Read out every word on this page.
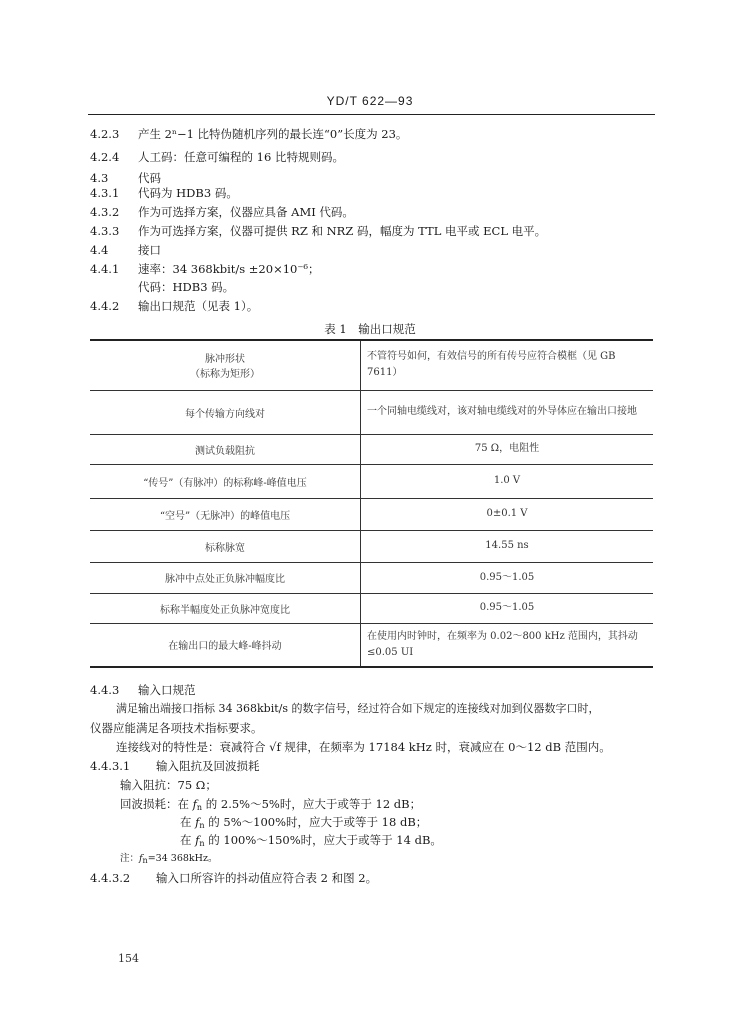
YD/T 622—93
4.2.3 产生 2ⁿ−1 比特伪随机序列的最长连“0”长度为 23。
4.2.4 人工码：任意可编程的 16 比特规则码。
4.3	代码
4.3.1 代码为 HDB3 码。
4.3.2 作为可选择方案，仪器应具备 AMI 代码。
4.3.3 作为可选择方案，仪器可提供 RZ 和 NRZ 码，幅度为 TTL 电平或 ECL 电平。
4.4	接口
4.4.1 速率：34 368kbit/s ±20×10⁻⁶；
代码：HDB3 码。
4.4.2 输出口规范（见表 1）。
表 1　输出口规范
脉冲形状
（标称为矩形）	不管符号如何，有效信号的所有传号应符合模框（见 GB 7611）
每个传输方向线对	一个同轴电缆线对，该对轴电缆线对的外导体应在输出口接地
测试负载阻抗	75 Ω，电阻性
“传号”（有脉冲）的标称峰-峰值电压	1.0 V
“空号”（无脉冲）的峰值电压	0±0.1 V
标称脉宽	14.55 ns
脉冲中点处正负脉冲幅度比	0.95～1.05
标称半幅度处正负脉冲宽度比	0.95～1.05
在输出口的最大峰-峰抖动	在使用内时钟时，在频率为 0.02～800 kHz 范围内，其抖动≤0.05 UI
4.4.3 输入口规范
满足输出端接口指标 34 368kbit/s 的数字信号，经过符合如下规定的连接线对加到仪器数字口时，
仪器应能满足各项技术指标要求。
连接线对的特性是：衰减符合 √f 规律，在频率为 17184 kHz 时，衰减应在 0～12 dB 范围内。
4.4.3.1 输入阻抗及回波损耗
输入阻抗：75 Ω；
回波损耗：在 $f_n$ 的 2.5%～5%时，应大于或等于 12 dB；
在 $f_n$ 的 5%～100%时，应大于或等于 18 dB；
在 $f_n$ 的 100%～150%时，应大于或等于 14 dB。
注：$f_n=34$ 368kHz。
4.4.3.2 输入口所容许的抖动值应符合表 2 和图 2。
154
